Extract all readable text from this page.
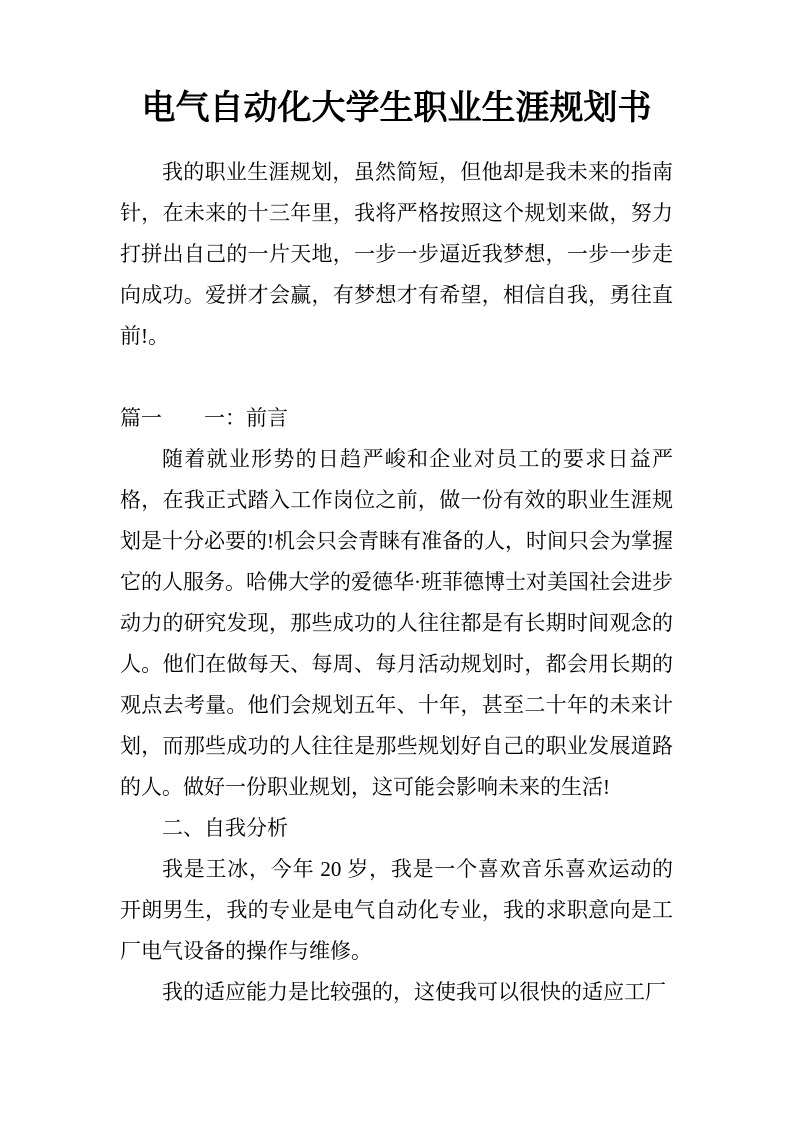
电气自动化大学生职业生涯规划书

我的职业生涯规划，虽然简短，但他却是我未来的指南针，在未来的十三年里，我将严格按照这个规划来做，努力打拼出自己的一片天地，一步一步逼近我梦想，一步一步走向成功。爱拼才会赢，有梦想才有希望，相信自我，勇往直前!。

篇一　　一：前言

随着就业形势的日趋严峻和企业对员工的要求日益严格，在我正式踏入工作岗位之前，做一份有效的职业生涯规划是十分必要的!机会只会青睐有准备的人，时间只会为掌握它的人服务。哈佛大学的爱德华·班菲德博士对美国社会进步动力的研究发现，那些成功的人往往都是有长期时间观念的人。他们在做每天、每周、每月活动规划时，都会用长期的观点去考量。他们会规划五年、十年，甚至二十年的未来计划，而那些成功的人往往是那些规划好自己的职业发展道路的人。做好一份职业规划，这可能会影响未来的生活!

二、自我分析

我是王冰，今年 20 岁，我是一个喜欢音乐喜欢运动的开朗男生，我的专业是电气自动化专业，我的求职意向是工厂电气设备的操作与维修。

我的适应能力是比较强的，这使我可以很快的适应工厂
